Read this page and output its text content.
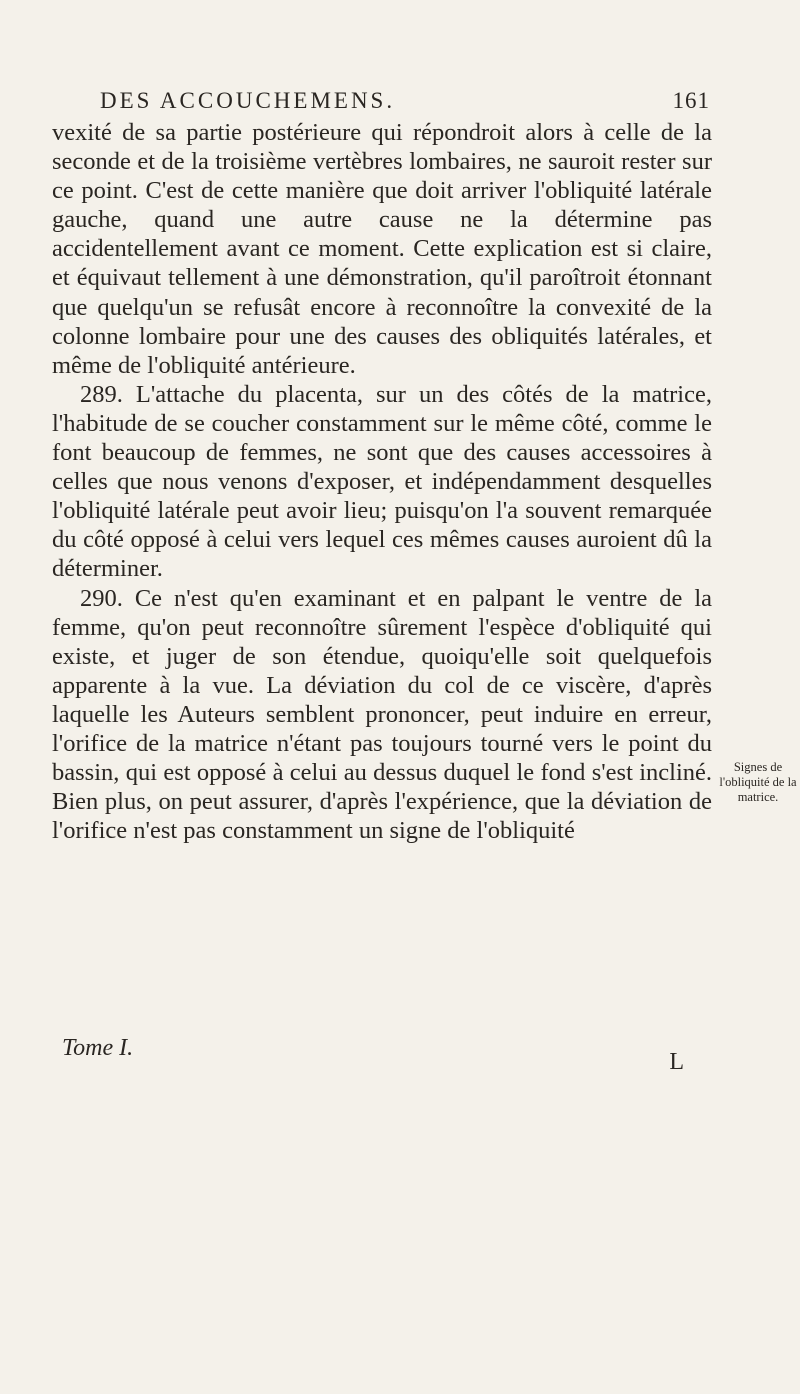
DES ACCOUCHEMENS.	161

vexité de sa partie postérieure qui répondroit alors à celle de la seconde et de la troisième vertèbres lombaires, ne sauroit rester sur ce point. C'est de cette manière que doit arriver l'obliquité latérale gauche, quand une autre cause ne la détermine pas accidentellement avant ce moment. Cette explication est si claire, et équivaut tellement à une démonstration, qu'il paroîtroit étonnant que quelqu'un se refusât encore à reconnoître la convexité de la colonne lombaire pour une des causes des obliquités latérales, et même de l'obliquité antérieure.

289. L'attache du placenta, sur un des côtés de la matrice, l'habitude de se coucher constamment sur le même côté, comme le font beaucoup de femmes, ne sont que des causes accessoires à celles que nous venons d'exposer, et indépendamment desquelles l'obliquité latérale peut avoir lieu; puisqu'on l'a souvent remarquée du côté opposé à celui vers lequel ces mêmes causes auroient dû la déterminer.

290. Ce n'est qu'en examinant et en palpant le ventre de la femme, qu'on peut reconnoître sûrement l'espèce d'obliquité qui existe, et juger de son étendue, quoiqu'elle soit quelquefois apparente à la vue. La déviation du col de ce viscère, d'après laquelle les Auteurs semblent prononcer, peut induire en erreur, l'orifice de la matrice n'étant pas toujours tourné vers le point du bassin, qui est opposé à celui au dessus duquel le fond s'est incliné. Bien plus, on peut assurer, d'après l'expérience, que la déviation de l'orifice n'est pas constamment un signe de l'obliquité

Signes de l'obliquité de la matrice.
Tome I.
L
